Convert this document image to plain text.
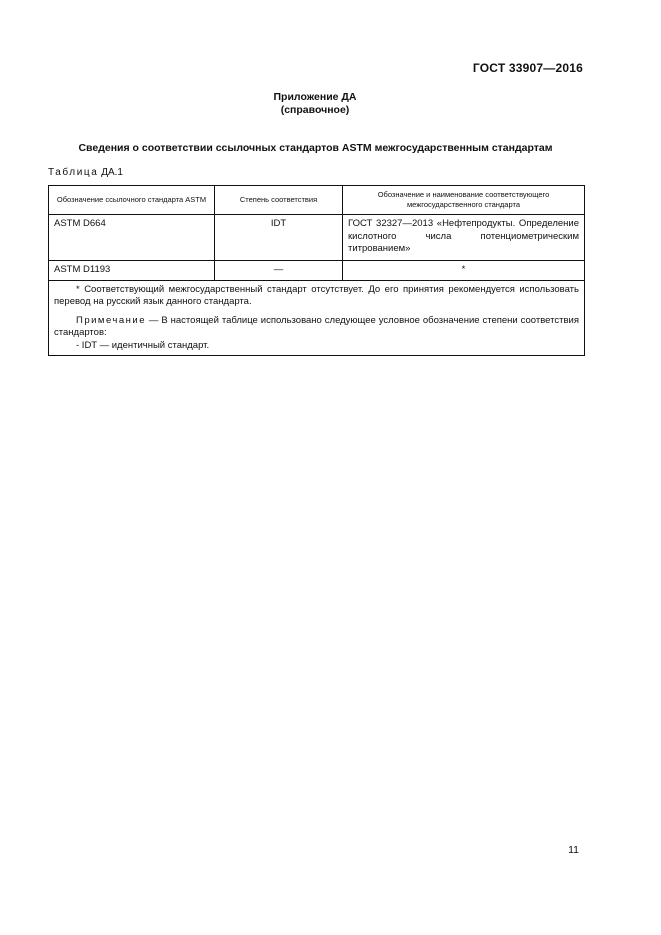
ГОСТ 33907—2016
Приложение ДА
(справочное)
Сведения о соответствии ссылочных стандартов ASTM межгосударственным стандартам
Таблица ДА.1
Обозначение ссылочного стандарта ASTM	Степень соответствия	Обозначение и наименование соответствующего межгосударственного стандарта
ASTM D664	IDT	ГОСТ 32327—2013 «Нефтепродукты. Определение кислотного числа потенциометрическим титрованием»
ASTM D1193	—	*

* Соответствующий межгосударственный стандарт отсутствует. До его принятия рекомендуется использовать перевод на русский язык данного стандарта.

Примечание — В настоящей таблице использовано следующее условное обозначение степени соответствия стандартов:

- IDT — идентичный стандарт.		

11
